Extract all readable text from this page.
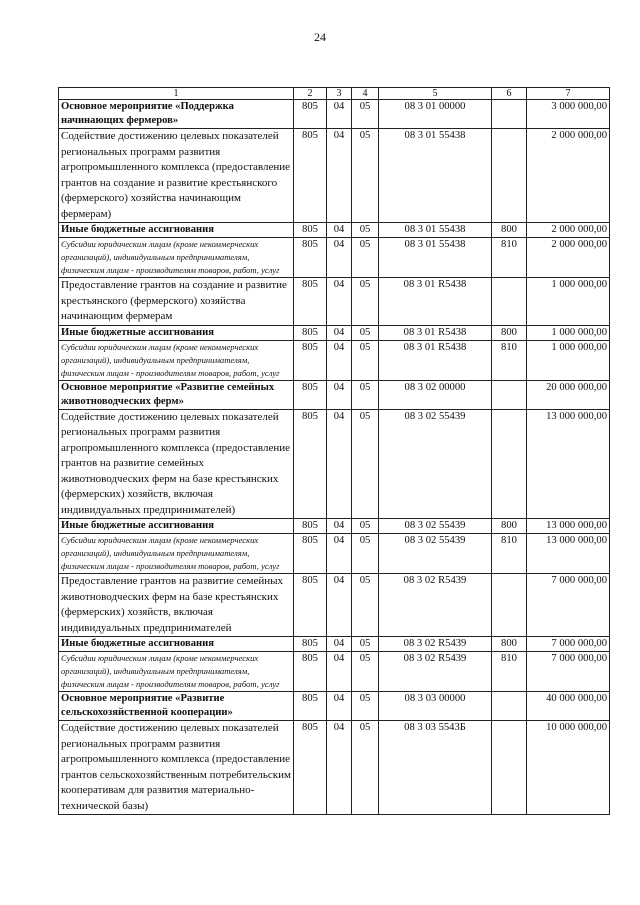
24
1	2	3	4	5	6	7
Основное мероприятие «Поддержка начинающих фермеров»	805	04	05	08 3 01 00000		3 000 000,00
Содействие достижению целевых показателей региональных программ развития агропромышленного комплекса (предоставление грантов на создание и развитие крестьянского (фермерского) хозяйства начинающим фермерам)	805	04	05	08 3 01 55438		2 000 000,00
Иные бюджетные ассигнования	805	04	05	08 3 01 55438	800	2 000 000,00
Субсидии юридическим лицам (кроме некоммерческих организаций), индивидуальным предпринимателям, физическим лицам - производителям товаров, работ, услуг	805	04	05	08 3 01 55438	810	2 000 000,00
Предоставление грантов на создание и развитие крестьянского (фермерского) хозяйства начинающим фермерам	805	04	05	08 3 01 R5438		1 000 000,00
Иные бюджетные ассигнования	805	04	05	08 3 01 R5438	800	1 000 000,00
Субсидии юридическим лицам (кроме некоммерческих организаций), индивидуальным предпринимателям, физическим лицам - производителям товаров, работ, услуг	805	04	05	08 3 01 R5438	810	1 000 000,00
Основное мероприятие «Развитие семейных животноводческих ферм»	805	04	05	08 3 02 00000		20 000 000,00
Содействие достижению целевых показателей региональных программ развития агропромышленного комплекса (предоставление грантов на развитие семейных животноводческих ферм на базе крестьянских (фермерских) хозяйств, включая индивидуальных предпринимателей)	805	04	05	08 3 02 55439		13 000 000,00
Иные бюджетные ассигнования	805	04	05	08 3 02 55439	800	13 000 000,00
Субсидии юридическим лицам (кроме некоммерческих организаций), индивидуальным предпринимателям, физическим лицам - производителям товаров, работ, услуг	805	04	05	08 3 02 55439	810	13 000 000,00
Предоставление грантов на развитие семейных животноводческих ферм на базе крестьянских (фермерских) хозяйств, включая индивидуальных предпринимателей	805	04	05	08 3 02 R5439		7 000 000,00
Иные бюджетные ассигнования	805	04	05	08 3 02 R5439	800	7 000 000,00
Субсидии юридическим лицам (кроме некоммерческих организаций), индивидуальным предпринимателям, физическим лицам - производителям товаров, работ, услуг	805	04	05	08 3 02 R5439	810	7 000 000,00
Основное мероприятие «Развитие сельскохозяйственной кооперации»	805	04	05	08 3 03 00000		40 000 000,00
Содействие достижению целевых показателей региональных программ развития агропромышленного комплекса (предоставление грантов сельскохозяйственным потребительским кооперативам для развития материально-технической базы)	805	04	05	08 3 03 5543Б		10 000 000,00
